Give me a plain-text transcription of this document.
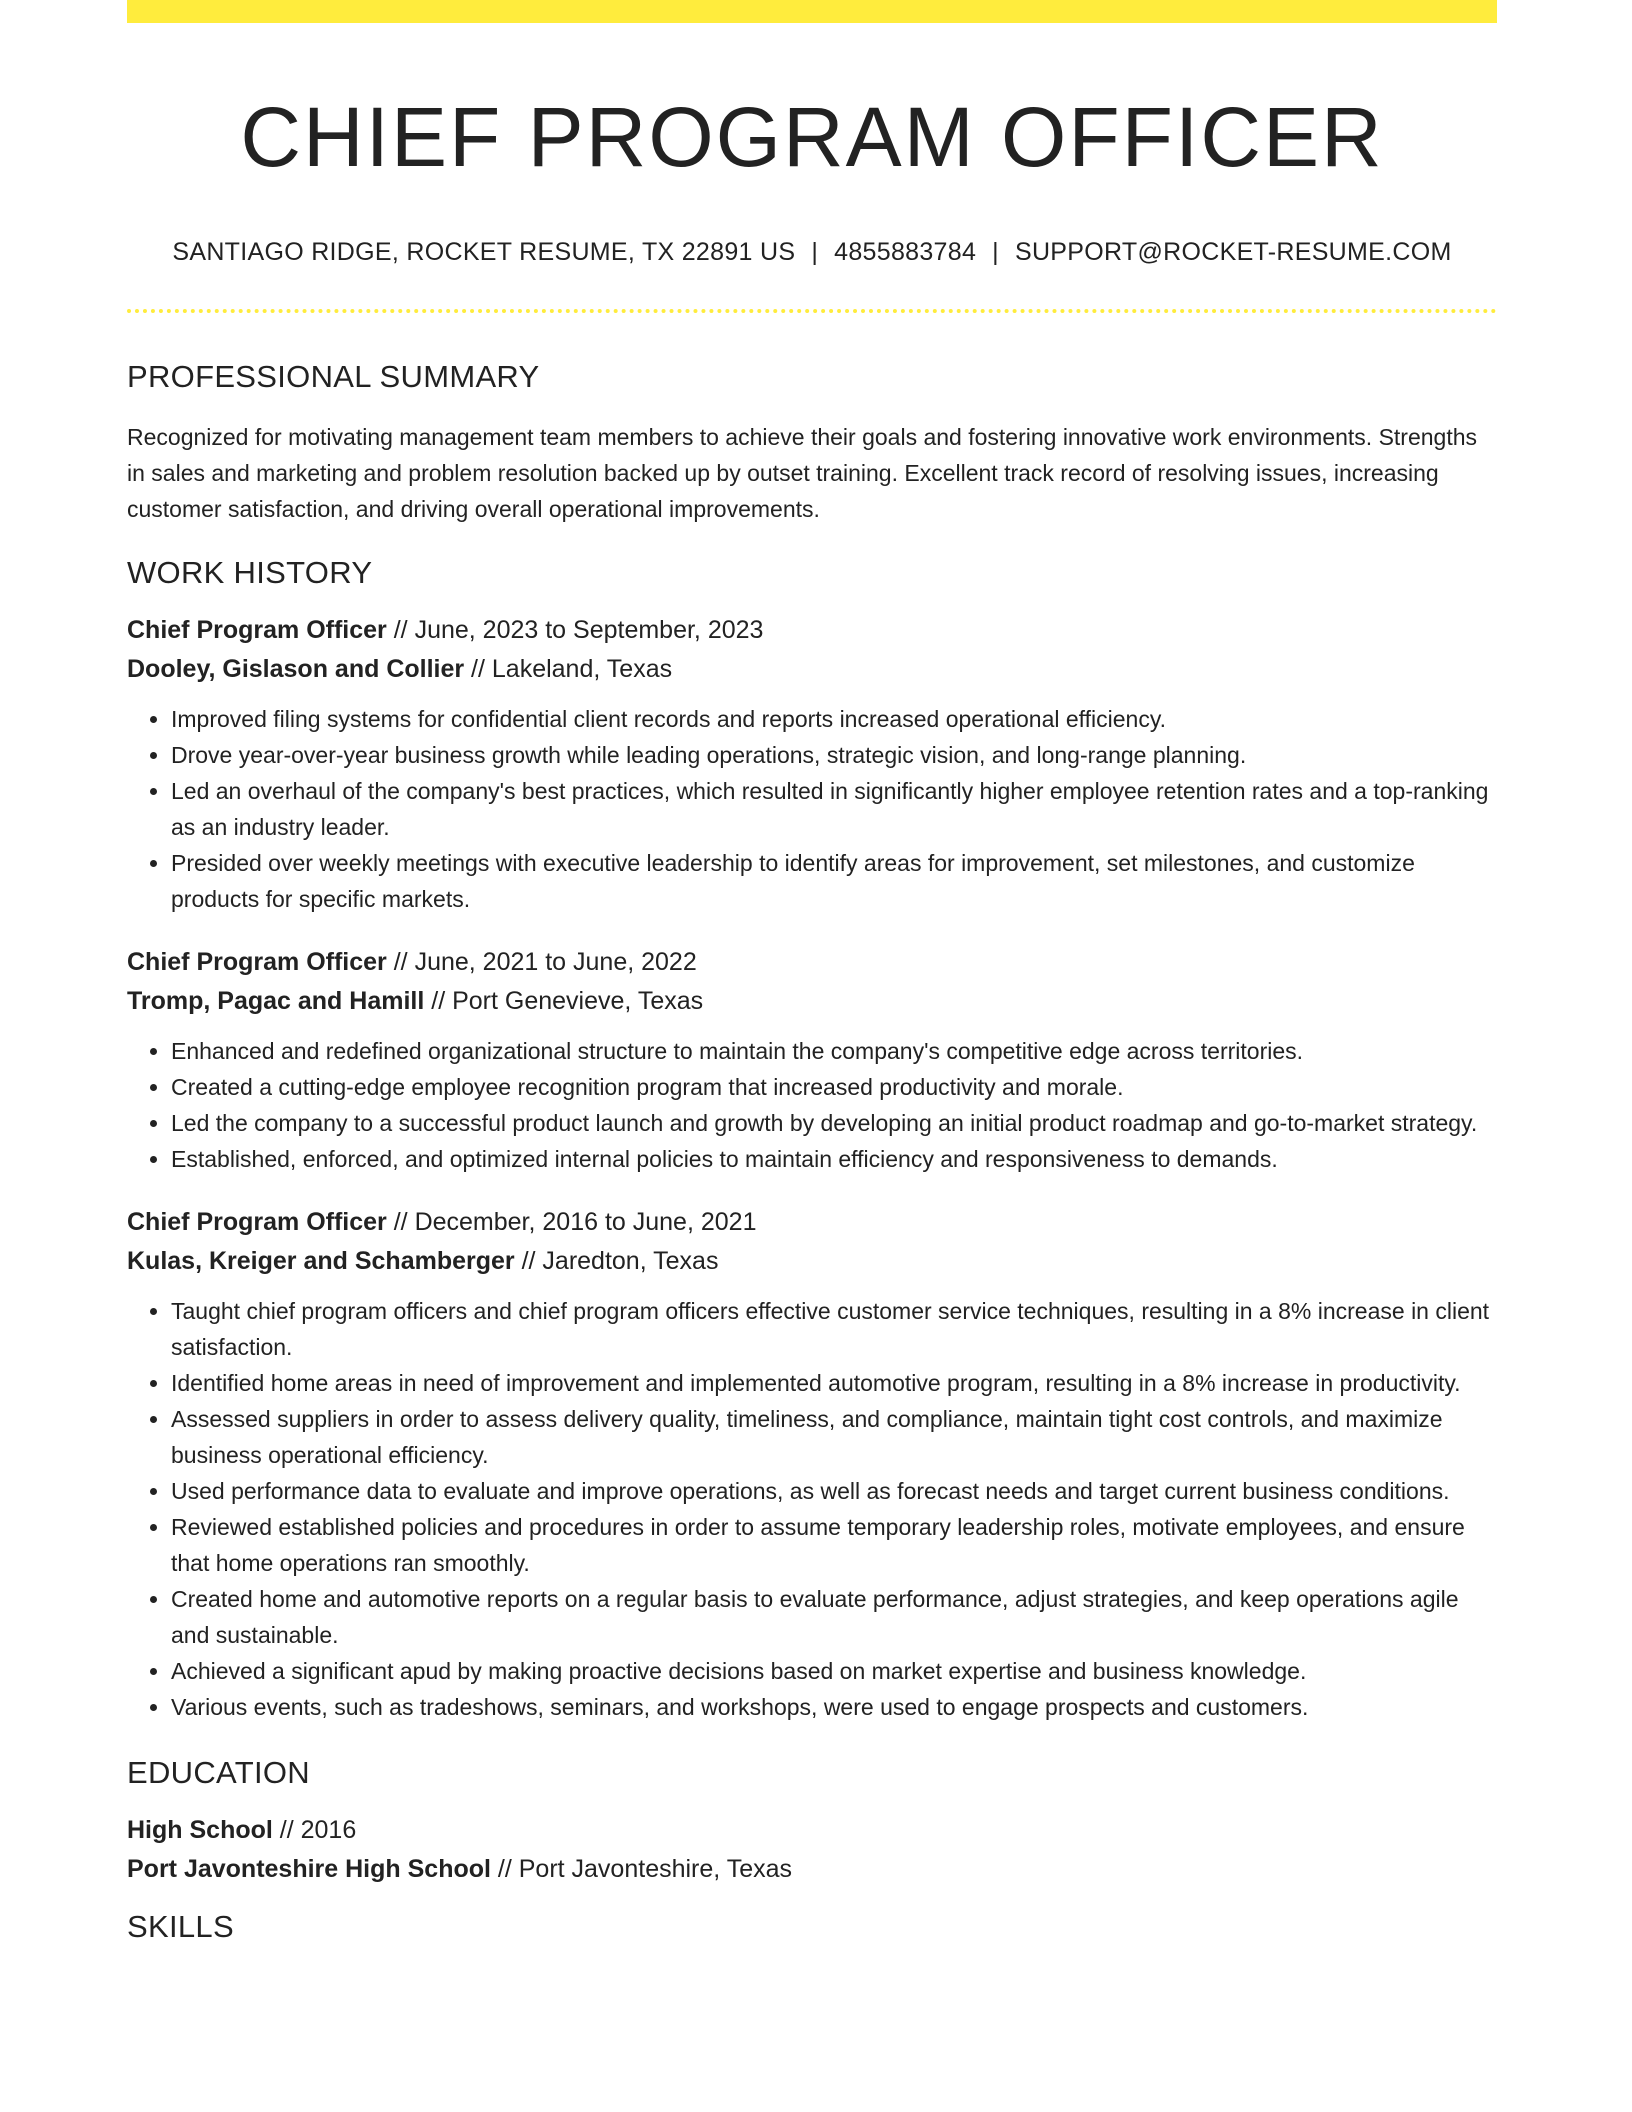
CHIEF PROGRAM OFFICER
SANTIAGO RIDGE, ROCKET RESUME, TX 22891 US | 4855883784 | SUPPORT@ROCKET-RESUME.COM
PROFESSIONAL SUMMARY
Recognized for motivating management team members to achieve their goals and fostering innovative work environments. Strengths in sales and marketing and problem resolution backed up by outset training. Excellent track record of resolving issues, increasing customer satisfaction, and driving overall operational improvements.
WORK HISTORY
Chief Program Officer // June, 2023 to September, 2023
Dooley, Gislason and Collier // Lakeland, Texas
• Improved filing systems for confidential client records and reports increased operational efficiency.
• Drove year-over-year business growth while leading operations, strategic vision, and long-range planning.
• Led an overhaul of the company's best practices, which resulted in significantly higher employee retention rates and a top-ranking as an industry leader.
• Presided over weekly meetings with executive leadership to identify areas for improvement, set milestones, and customize products for specific markets.
Chief Program Officer // June, 2021 to June, 2022
Tromp, Pagac and Hamill // Port Genevieve, Texas
• Enhanced and redefined organizational structure to maintain the company's competitive edge across territories.
• Created a cutting-edge employee recognition program that increased productivity and morale.
• Led the company to a successful product launch and growth by developing an initial product roadmap and go-to-market strategy.
• Established, enforced, and optimized internal policies to maintain efficiency and responsiveness to demands.
Chief Program Officer // December, 2016 to June, 2021
Kulas, Kreiger and Schamberger // Jaredton, Texas
• Taught chief program officers and chief program officers effective customer service techniques, resulting in a 8% increase in client satisfaction.
• Identified home areas in need of improvement and implemented automotive program, resulting in a 8% increase in productivity.
• Assessed suppliers in order to assess delivery quality, timeliness, and compliance, maintain tight cost controls, and maximize business operational efficiency.
• Used performance data to evaluate and improve operations, as well as forecast needs and target current business conditions.
• Reviewed established policies and procedures in order to assume temporary leadership roles, motivate employees, and ensure that home operations ran smoothly.
• Created home and automotive reports on a regular basis to evaluate performance, adjust strategies, and keep operations agile and sustainable.
• Achieved a significant apud by making proactive decisions based on market expertise and business knowledge.
• Various events, such as tradeshows, seminars, and workshops, were used to engage prospects and customers.
EDUCATION
High School // 2016
Port Javonteshire High School // Port Javonteshire, Texas
SKILLS
